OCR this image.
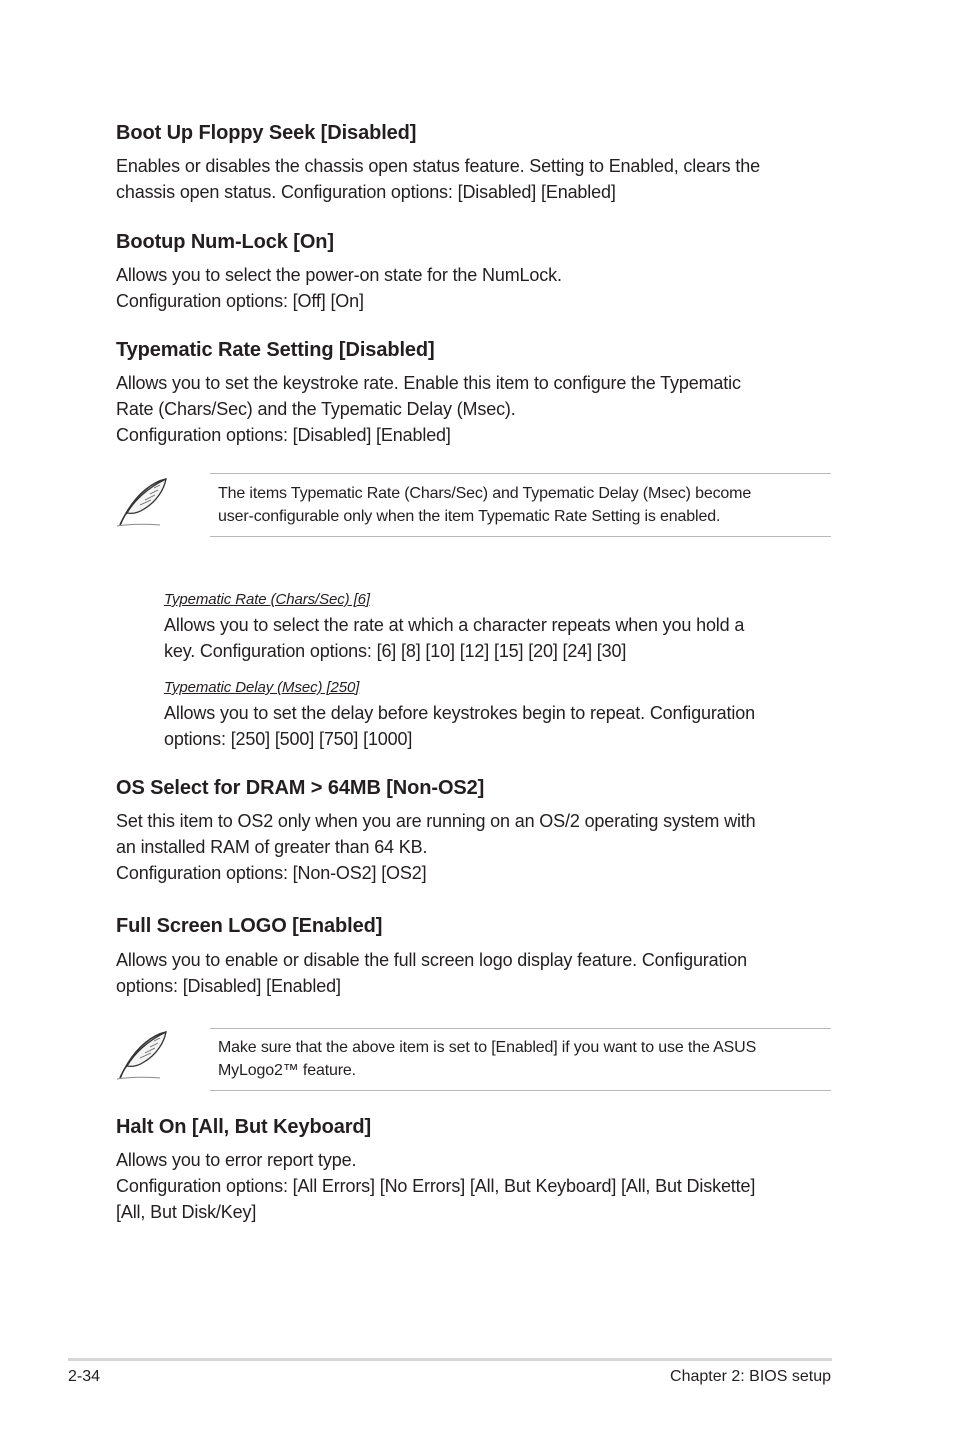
Boot Up Floppy Seek [Disabled]
Enables or disables the chassis open status feature. Setting to Enabled, clears the
chassis open status. Configuration options: [Disabled] [Enabled]
Bootup Num-Lock [On]
Allows you to select the power-on state for the NumLock.
Configuration options: [Off] [On]
Typematic Rate Setting [Disabled]
Allows you to set the keystroke rate. Enable this item to configure the Typematic
Rate (Chars/Sec) and the Typematic Delay (Msec).
Configuration options: [Disabled] [Enabled]
The items Typematic Rate (Chars/Sec) and Typematic Delay (Msec) become
user-configurable only when the item Typematic Rate Setting is enabled.
Typematic Rate (Chars/Sec) [6]
Allows you to select the rate at which a character repeats when you hold a
key. Configuration options: [6] [8] [10] [12] [15] [20] [24] [30]
Typematic Delay (Msec) [250]
Allows you to set the delay before keystrokes begin to repeat. Configuration
options: [250] [500] [750] [1000]
OS Select for DRAM > 64MB [Non-OS2]
Set this item to OS2 only when you are running on an OS/2 operating system with
an installed RAM of greater than 64 KB.
Configuration options: [Non-OS2] [OS2]
Full Screen LOGO [Enabled]
Allows you to enable or disable the full screen logo display feature. Configuration
options: [Disabled] [Enabled]
Make sure that the above item is set to [Enabled] if you want to use the ASUS
MyLogo2™ feature.
Halt On [All, But Keyboard]
Allows you to error report type.
Configuration options: [All Errors] [No Errors] [All, But Keyboard] [All, But Diskette]
[All, But Disk/Key]
2-34	Chapter 2: BIOS setup
